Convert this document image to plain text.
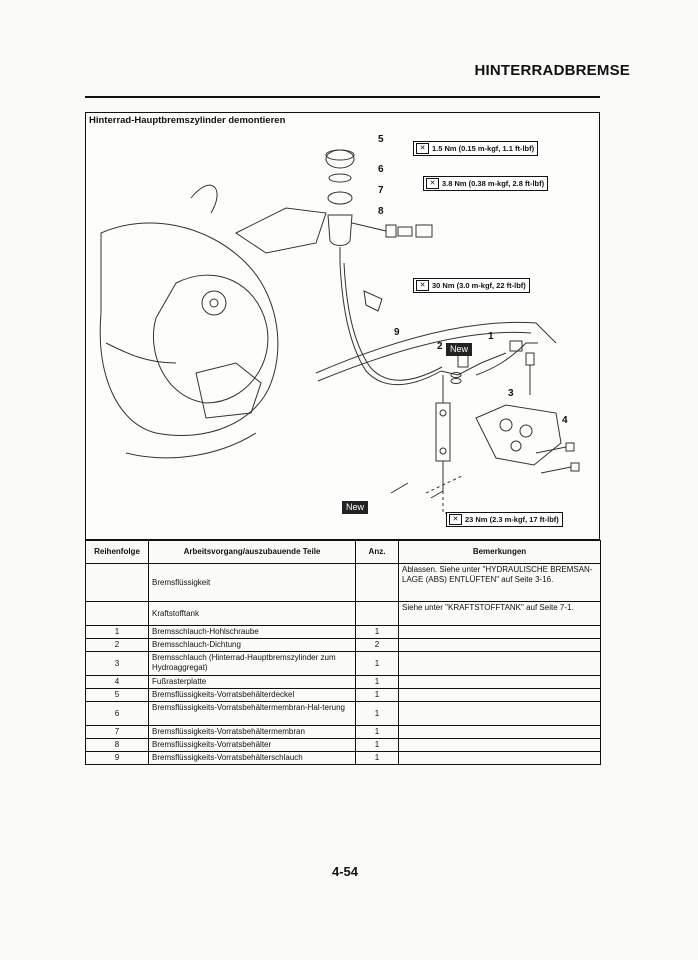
HINTERRADBREMSE
Hinterrad-Hauptbremszylinder demontieren
✕ 1.5 Nm (0.15 m-kgf, 1.1 ft-lbf)
✕ 3.8 Nm (0.38 m-kgf, 2.8 ft-lbf)
✕ 30 Nm (3.0 m-kgf, 22 ft-lbf)
✕ 23 Nm (2.3 m-kgf, 17 ft-lbf)
5
6
7
8
9
2
1
3
4
New
New
Reihenfolge	Arbeitsvorgang/auszubauende Teile	Anz.	Bemerkungen
	Bremsflüssigkeit		Ablassen. Siehe unter "HYDRAULISCHE BREMSAN-LAGE (ABS) ENTLÜFTEN" auf Seite 3-16.
	Kraftstofftank		Siehe unter "KRAFTSTOFFTANK" auf Seite 7-1.
1	Bremsschlauch-Hohlschraube	1	
2	Bremsschlauch-Dichtung	2	
3	Bremsschlauch (Hinterrad-Hauptbremszylinder zum Hydroaggregat)	1	
4	Fußrasterplatte	1	
5	Bremsflüssigkeits-Vorratsbehälterdeckel	1	
6	Bremsflüssigkeits-Vorratsbehältermembran-Hal-terung	1	
7	Bremsflüssigkeits-Vorratsbehältermembran	1	
8	Bremsflüssigkeits-Vorratsbehälter	1	
9	Bremsflüssigkeits-Vorratsbehälterschlauch	1	
4-54
